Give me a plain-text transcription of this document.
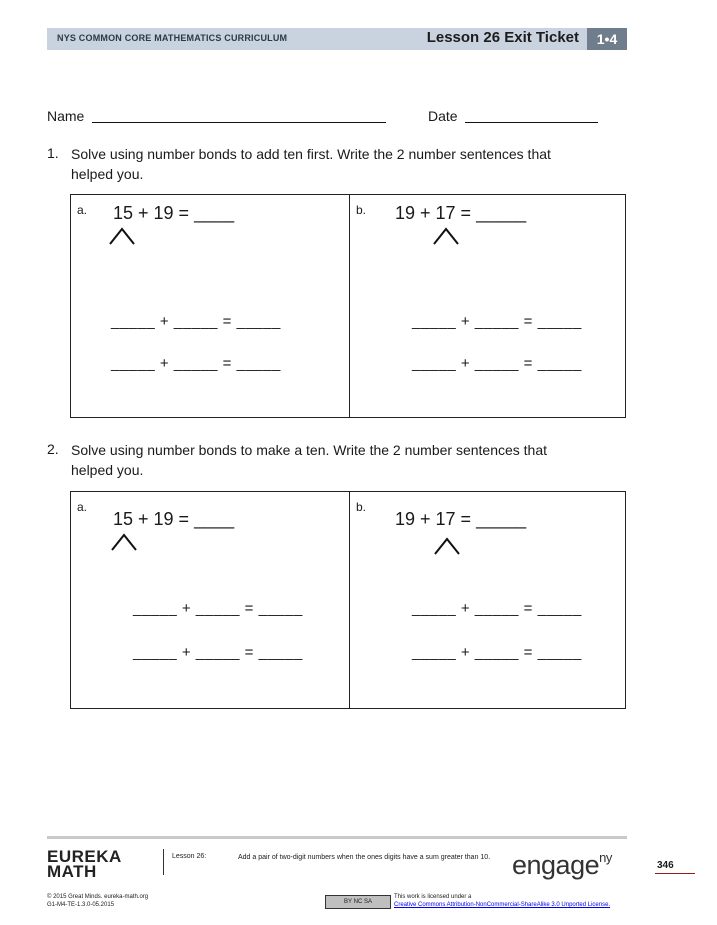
NYS COMMON CORE MATHEMATICS CURRICULUM	Lesson 26 Exit Ticket	1•4
Name	Date
1. Solve using number bonds to add ten first. Write the 2 number sentences that
helped you.
a. 15 + 19 = ____
_____ + _____ = _____
_____ + _____ = _____
b. 19 + 17 = _____
_____ + _____ = _____
_____ + _____ = _____
2. Solve using number bonds to make a ten. Write the 2 number sentences that
helped you.
a.
15 + 19 = ____
_____ + _____ = _____
_____ + _____ = _____
b.
19 + 17 = _____
_____ + _____ = _____
_____ + _____ = _____
EUREKA
MATH
Lesson 26:	Add a pair of two-digit numbers when the ones digits have a sum greater than 10. engage$^{ny}$
346
© 2015 Great Minds. eureka-math.org
G1-M4-TE-1.3.0-05.2015	BY NC SA
This work is licensed under a
Creative Commons Attribution-NonCommercial-ShareAlike 3.0 Unported License.
